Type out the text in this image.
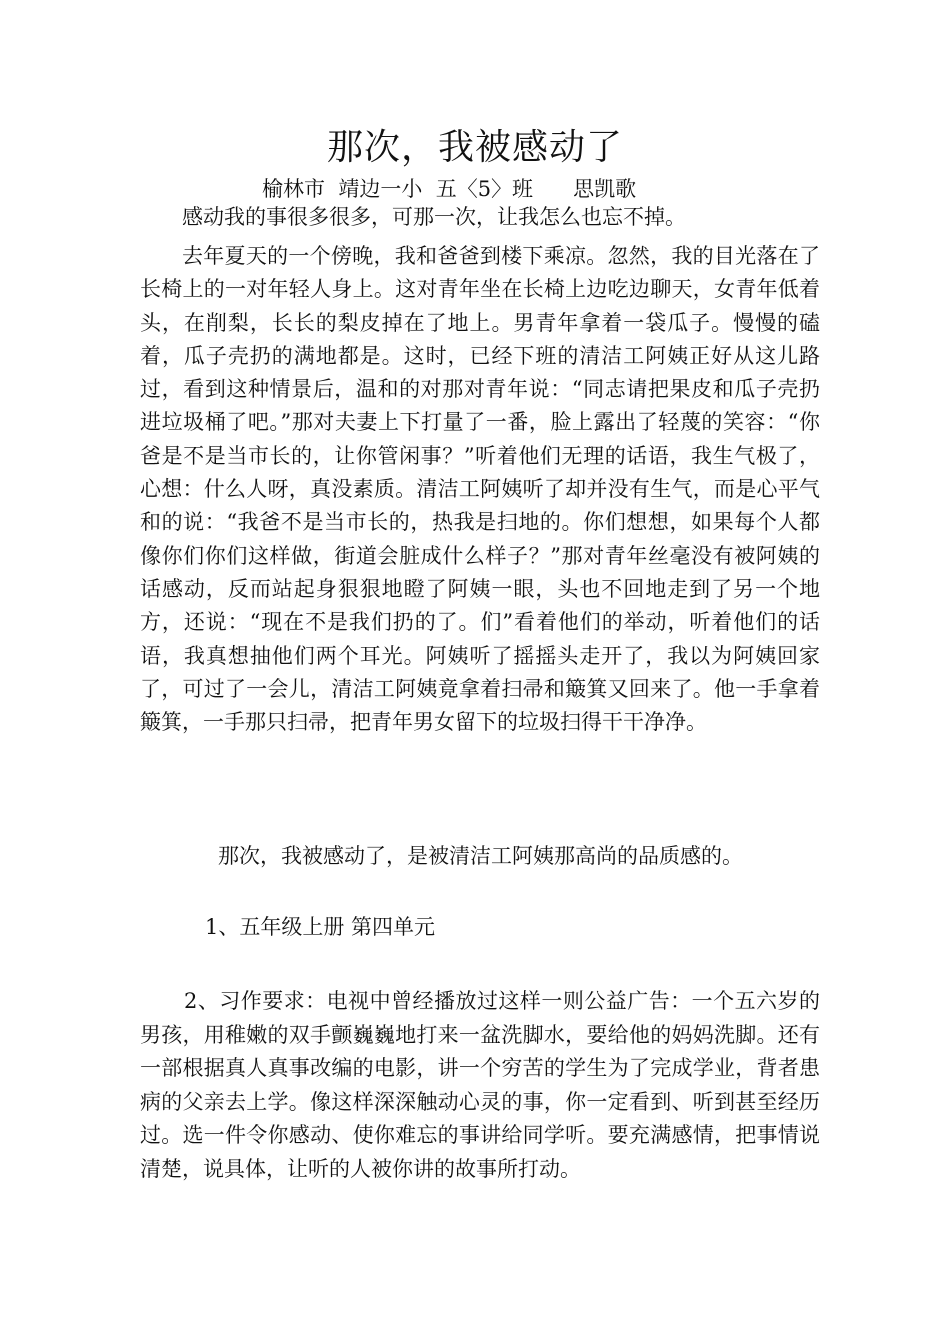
那次，我被感动了
榆林市  靖边一小  五〈5〉班      思凯歌

感动我的事很多很多，可那一次，让我怎么也忘不掉。

去年夏天的一个傍晚，我和爸爸到楼下乘凉。忽然，我的目光落在了长椅上的一对年轻人身上。这对青年坐在长椅上边吃边聊天，女青年低着头，在削梨，长长的梨皮掉在了地上。男青年拿着一袋瓜子。慢慢的磕着，瓜子壳扔的满地都是。这时，已经下班的清洁工阿姨正好从这儿路过，看到这种情景后，温和的对那对青年说：“同志请把果皮和瓜子壳扔进垃圾桶了吧。”那对夫妻上下打量了一番，脸上露出了轻蔑的笑容：“你爸是不是当市长的，让你管闲事？”听着他们无理的话语，我生气极了，心想：什么人呀，真没素质。清洁工阿姨听了却并没有生气，而是心平气和的说：“我爸不是当市长的，热我是扫地的。你们想想，如果每个人都像你们你们这样做，街道会脏成什么样子？”那对青年丝毫没有被阿姨的话感动，反而站起身狠狠地瞪了阿姨一眼，头也不回地走到了另一个地方，还说：“现在不是我们扔的了。们”看着他们的举动，听着他们的话语，我真想抽他们两个耳光。阿姨听了摇摇头走开了，我以为阿姨回家了，可过了一会儿，清洁工阿姨竟拿着扫帚和簸箕又回来了。他一手拿着簸箕，一手那只扫帚，把青年男女留下的垃圾扫得干干净净。

那次，我被感动了，是被清洁工阿姨那高尚的品质感的。

1、五年级上册 第四单元

2、习作要求：电视中曾经播放过这样一则公益广告：一个五六岁的男孩，用稚嫩的双手颤巍巍地打来一盆洗脚水，要给他的妈妈洗脚。还有一部根据真人真事改编的电影，讲一个穷苦的学生为了完成学业，背者患病的父亲去上学。像这样深深触动心灵的事，你一定看到、听到甚至经历过。选一件令你感动、使你难忘的事讲给同学听。要充满感情，把事情说清楚，说具体，让听的人被你讲的故事所打动。
